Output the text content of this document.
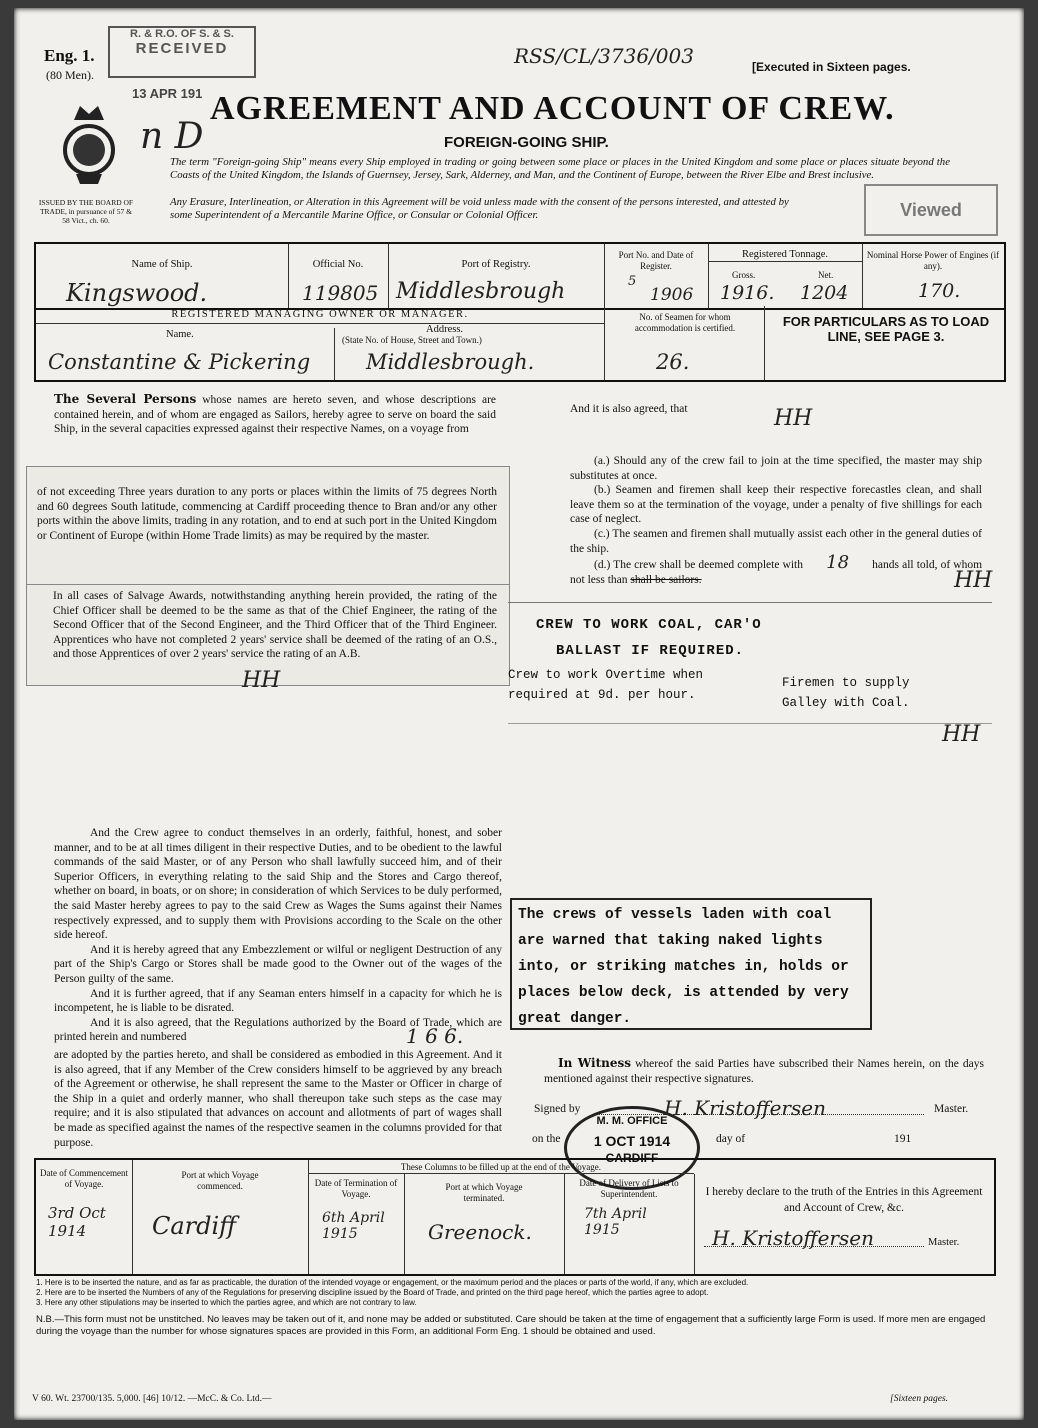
Eng. 1.
(80 Men).
R. & R.O. OF S. & S.
RECEIVED
13 APR 191
RSS/CL/3736/003	[Executed in Sixteen pages.
ISSUED BY THE BOARD OF TRADE, in pursuance of 57 & 58 Vict., ch. 60.
n D
AGREEMENT AND ACCOUNT OF CREW.
FOREIGN-GOING SHIP.
The term "Foreign-going Ship" means every Ship employed in trading or going between some place or places in the United Kingdom and some place or places situate beyond the Coasts of the United Kingdom, the Islands of Guernsey, Jersey, Sark, Alderney, and Man, and the Continent of Europe, between the River Elbe and Brest inclusive.
Any Erasure, Interlineation, or Alteration in this Agreement will be void unless made with the consent of the persons interested, and attested by some Superintendent of a Mercantile Marine Office, or Consular or Colonial Officer.	Viewed
Name of Ship.
Kingswood.
Official No.
119805
Port of Registry.
Middlesbrough
Port No. and Date of Register.
5
1906
Registered Tonnage.
Gross.	Net.
1916. 1204
Nominal Horse Power of Engines (if any).
170.
REGISTERED MANAGING OWNER OR MANAGER.
Name.	Address.
(State No. of House, Street and Town.)
Constantine & Pickering	Middlesbrough.
No. of Seamen for whom accommodation is certified.
26.
FOR PARTICULARS AS TO LOAD LINE, SEE PAGE 3.
The Several Persons whose names are hereto seven, and whose descriptions are contained herein, and of whom are engaged as Sailors, hereby agree to serve on board the said Ship, in the several capacities expressed against their respective Names, on a voyage from
of not exceeding Three years duration to any ports or places within the limits of 75 degrees North and 60 degrees South latitude, commencing at Cardiff proceeding thence to Bran and/or any other ports within the above limits, trading in any rotation, and to end at such port in the United Kingdom or Continent of Europe (within Home Trade limits) as may be required by the master.
In all cases of Salvage Awards, notwithstanding anything herein provided, the rating of the Chief Officer shall be deemed to be the same as that of the Chief Engineer, the rating of the Second Officer that of the Second Engineer, and the Third Officer that of the Third Engineer. Apprentices who have not completed 2 years' service shall be deemed of the rating of an O.S., and those Apprentices of over 2 years' service the rating of an A.B.
HH
And the Crew agree to conduct themselves in an orderly, faithful, honest, and sober manner, and to be at all times diligent in their respective Duties, and to be obedient to the lawful commands of the said Master, or of any Person who shall lawfully succeed him, and of their Superior Officers, in everything relating to the said Ship and the Stores and Cargo thereof, whether on board, in boats, or on shore; in consideration of which Services to be duly performed, the said Master hereby agrees to pay to the said Crew as Wages the Sums against their Names respectively expressed, and to supply them with Provisions according to the Scale on the other side hereof.
And it is hereby agreed that any Embezzlement or wilful or negligent Destruction of any part of the Ship's Cargo or Stores shall be made good to the Owner out of the wages of the Person guilty of the same.
And it is further agreed, that if any Seaman enters himself in a capacity for which he is incompetent, he is liable to be disrated.
And it is also agreed, that the Regulations authorized by the Board of Trade, which are printed herein and numbered	1 6 6.
are adopted by the parties hereto, and shall be considered as embodied in this Agreement. And it is also agreed, that if any Member of the Crew considers himself to be aggrieved by any breach of the Agreement or otherwise, he shall represent the same to the Master or Officer in charge of the Ship in a quiet and orderly manner, who shall thereupon take such steps as the case may require; and it is also stipulated that advances on account and allotments of part of wages shall be made as specified against the names of the respective seamen in the columns provided for that purpose.
And it is also agreed, that	HH
(a.) Should any of the crew fail to join at the time specified, the master may ship substitutes at once.
(b.) Seamen and firemen shall keep their respective forecastles clean, and shall leave them so at the termination of the voyage, under a penalty of five shillings for each case of neglect.
(c.) The seamen and firemen shall mutually assist each other in the general duties of the ship.
(d.) The crew shall be deemed complete with 18 hands all told, of whom not less than shall be sailors.	HH
CREW TO WORK COAL, CAR'O
BALLAST IF REQUIRED.
Crew to work Overtime when required at 9d. per hour.
Firemen to supply Galley with Coal.
HH
The crews of vessels laden with coal are warned that taking naked lights into, or striking matches in, holds or places below deck, is attended by very great danger.
In Witness whereof the said Parties have subscribed their Names herein, on the days mentioned against their respective signatures.
Signed by	H. Kristoffersen	Master.
on the	day of	191
M. M. OFFICE
1 OCT 1914
CARDIFF
Date of Commencement of Voyage.
3rd Oct 1914
Port at which Voyage commenced.
Cardiff
These Columns to be filled up at the end of the Voyage.
Date of Termination of Voyage.
6th April 1915
Port at which Voyage terminated.
Greenock.
Date of Delivery of Lists to Superintendent.
7th April 1915
I hereby declare to the truth of the Entries in this Agreement and Account of Crew, &c.
H. Kristoffersen	Master.
1. Here is to be inserted the nature, and as far as practicable, the duration of the intended voyage or engagement, or the maximum period and the places or parts of the world, if any, which are excluded.
2. Here are to be inserted the Numbers of any of the Regulations for preserving discipline issued by the Board of Trade, and printed on the third page hereof, which the parties agree to adopt.
3. Here any other stipulations may be inserted to which the parties agree, and which are not contrary to law.
N.B.—This form must not be unstitched. No leaves may be taken out of it, and none may be added or substituted. Care should be taken at the time of engagement that a sufficiently large Form is used. If more men are engaged during the voyage than the number for whose signatures spaces are provided in this Form, an additional Form Eng. 1 should be obtained and used.
V 60. Wt. 23700/135. 5,000. [46] 10/12. —McC. & Co. Ltd.—	[Sixteen pages.
